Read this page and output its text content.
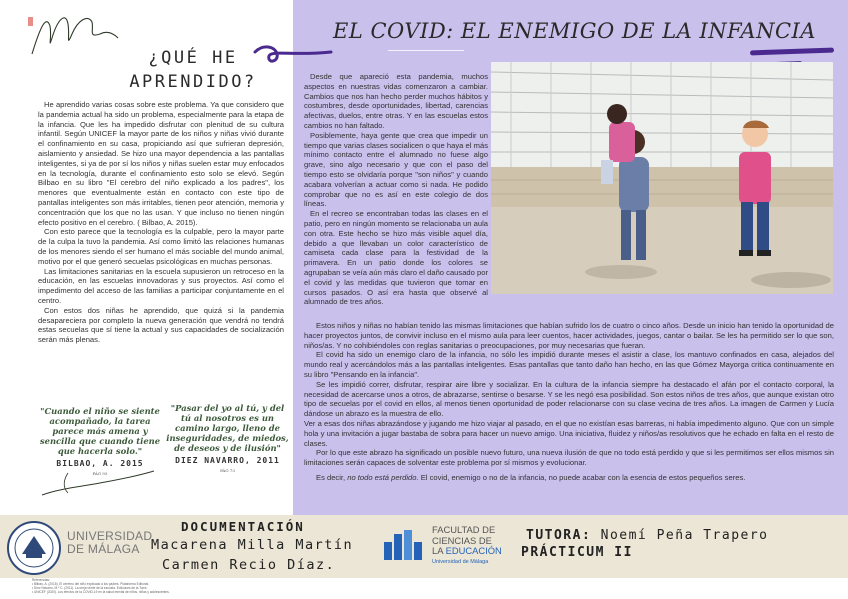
¿QUÉ HE
APRENDIDO?

He aprendido varias cosas sobre este problema. Ya que considero que la pandemia actual ha sido un problema, especialmente para la etapa de la infancia. Que les ha impedido disfrutar con plenitud de su cultura infantil. Según UNICEF la mayor parte de los niños y niñas vivió durante el confinamiento en su casa, propiciando así que sufrieran depresión, aislamiento y ansiedad. Se hizo una mayor dependencia a las pantallas inteligentes, si ya de por sí los niños y niñas suelen estar muy enfocados en la tecnología, durante el confinamiento esto solo se elevó. Según Bilbao en su libro "El cerebro del niño explicado a los padres", los menores que eventualmente están en contacto con este tipo de pantallas inteligentes son más irritables, tienen peor atención, memoria y concentración que los que no las usan. Y que incluso no tienen ningún efecto positivo en el cerebro. ( Bilbao, A. 2015).

Con esto parece que la tecnología es la culpable, pero la mayor parte de la culpa la tuvo la pandemia. Así como limitó las relaciones humanas de los menores siendo el ser humano el más sociable del mundo animal, motivo por el que generó secuelas psicológicas en muchas personas.

Las limitaciones sanitarias en la escuela supusieron un retroceso en la educación, en las escuelas innovadoras y sus proyectos. Así como el impedimento del acceso de las familias a participar conjuntamente en el centro.

Con estos dos niñas he aprendido, que quizá si la pandemia desapareciera por completo la nueva generación que vendrá no tendrá estas secuelas que sí tiene la actual y sus capacidades de socialización serán más plenas.

"Cuando el niño se siente acompañado, la tarea parece más amena y sencilla que cuando tiene que hacerla solo."
BILBAO, A. 2015
PÁG 93
"Pasar del yo al tú, y del tú al nosotros es un camino largo, lleno de inseguridades, de miedos, de deseos y de ilusión"
DIEZ NAVARRO, 2011
PÁG 73
EL COVID: EL ENEMIGO DE LA INFANCIA

Desde que apareció esta pandemia, muchos aspectos en nuestras vidas comenzaron a cambiar. Cambios que nos han hecho perder muchos hábitos y costumbres, desde oportunidades, libertad, carencias afectivas, duelos, entre otras. Y en las escuelas estos cambios no han faltado.

Posiblemente, haya gente que crea que impedir un tiempo que varias clases socialicen o que haya el más mínimo contacto entre el alumnado no fuese algo grave, sino algo necesario y que con el paso del tiempo esto se olvidaría porque "son niños" y cuando acabara volverían a actuar como si nada. He podido comprobar que no es así en este colegio de dos líneas.

En el recreo se encontraban todas las clases en el patio, pero en ningún momento se relacionaba un aula con otra. Este hecho se hizo más visible aquel día, debido a que llevaban un color característico de camiseta cada clase para la festividad de la primavera. En un patio donde los colores se agrupaban se veía aún más claro el daño causado por el covid y las medidas que tuvieron que tomar en cursos pasados. O así era hasta que observé al alumnado de tres años.

Estos niños y niñas no habían tenido las mismas limitaciones que habían sufrido los de cuatro o cinco años. Desde un inicio han tenido la oportunidad de hacer proyectos juntos, de convivir incluso en el mismo aula para leer cuentos, hacer actividades, juegos, cantar o bailar. Se les ha permitido ser lo que son, niños/as. Y no cohibiéndoles con reglas sanitarias o preocupaciones, por muy necesarias que fueran.

El covid ha sido un enemigo claro de la infancia, no sólo les impidió durante meses el asistir a clase, los mantuvo confinados en casa, alejados del mundo real y acercándolos más a las pantallas inteligentes. Esas pantallas que tanto daño han hecho, en las que Gómez Mayorga critica continuamente en su libro "Pensando en la infancia".

Se les impidió correr, disfrutar, respirar aire libre y socializar. En la cultura de la infancia siempre ha destacado el afán por el contacto corporal, la necesidad de acercarse unos a otros, de abrazarse, sentirse o besarse. Y se les negó esa posibilidad. Son estos niños de tres años, que aunque existan otro tipo de secuelas por el covid en ellos, al menos tienen oportunidad de poder relacionarse con su clase vecina de tres años. La imagen de Carmen y Lucía dándose un abrazo es la muestra de ello.

Ver a esas dos niñas abrazándose y jugando me hizo viajar al pasado, en el que no existían esas barreras, ni había impedimento alguno. Que con un simple hola y una invitación a jugar bastaba de sobra para hacer un nuevo amigo. Una iniciativa, fluidez y niños/as resolutivos que he echado en falta en el resto de clases.

Por lo que este abrazo ha significado un posible nuevo futuro, una nueva ilusión de que no todo está perdido y que si les permitimos ser ellos mismos sin limitaciones serán capaces de solventar este problema por sí mismos y evolucionar.

Es decir, no todo está perdido. El covid, enemigo o no de la infancia, no puede acabar con la esencia de estos pequeños seres.

UNIVERSIDAD
DE MÁLAGA
DOCUMENTACIÓN
Macarena Milla Martín
Carmen Recio Díaz.
FACULTAD DE
CIENCIAS DE
LA EDUCACIÓN
Universidad de Málaga
TUTORA: Noemí Peña Trapero
PRÁCTICUM II
Referencias:
• Bilbao, A. (2015). El cerebro del niño explicado a los padres. Plataforma Editorial.
• Díez Navarro, M.ª C. (2011). La oreja verde de la escuela. Ediciones de la Torre.
• UNICEF (2020). Los efectos de la COVID-19 en la salud mental de niños, niñas y adolescentes.
